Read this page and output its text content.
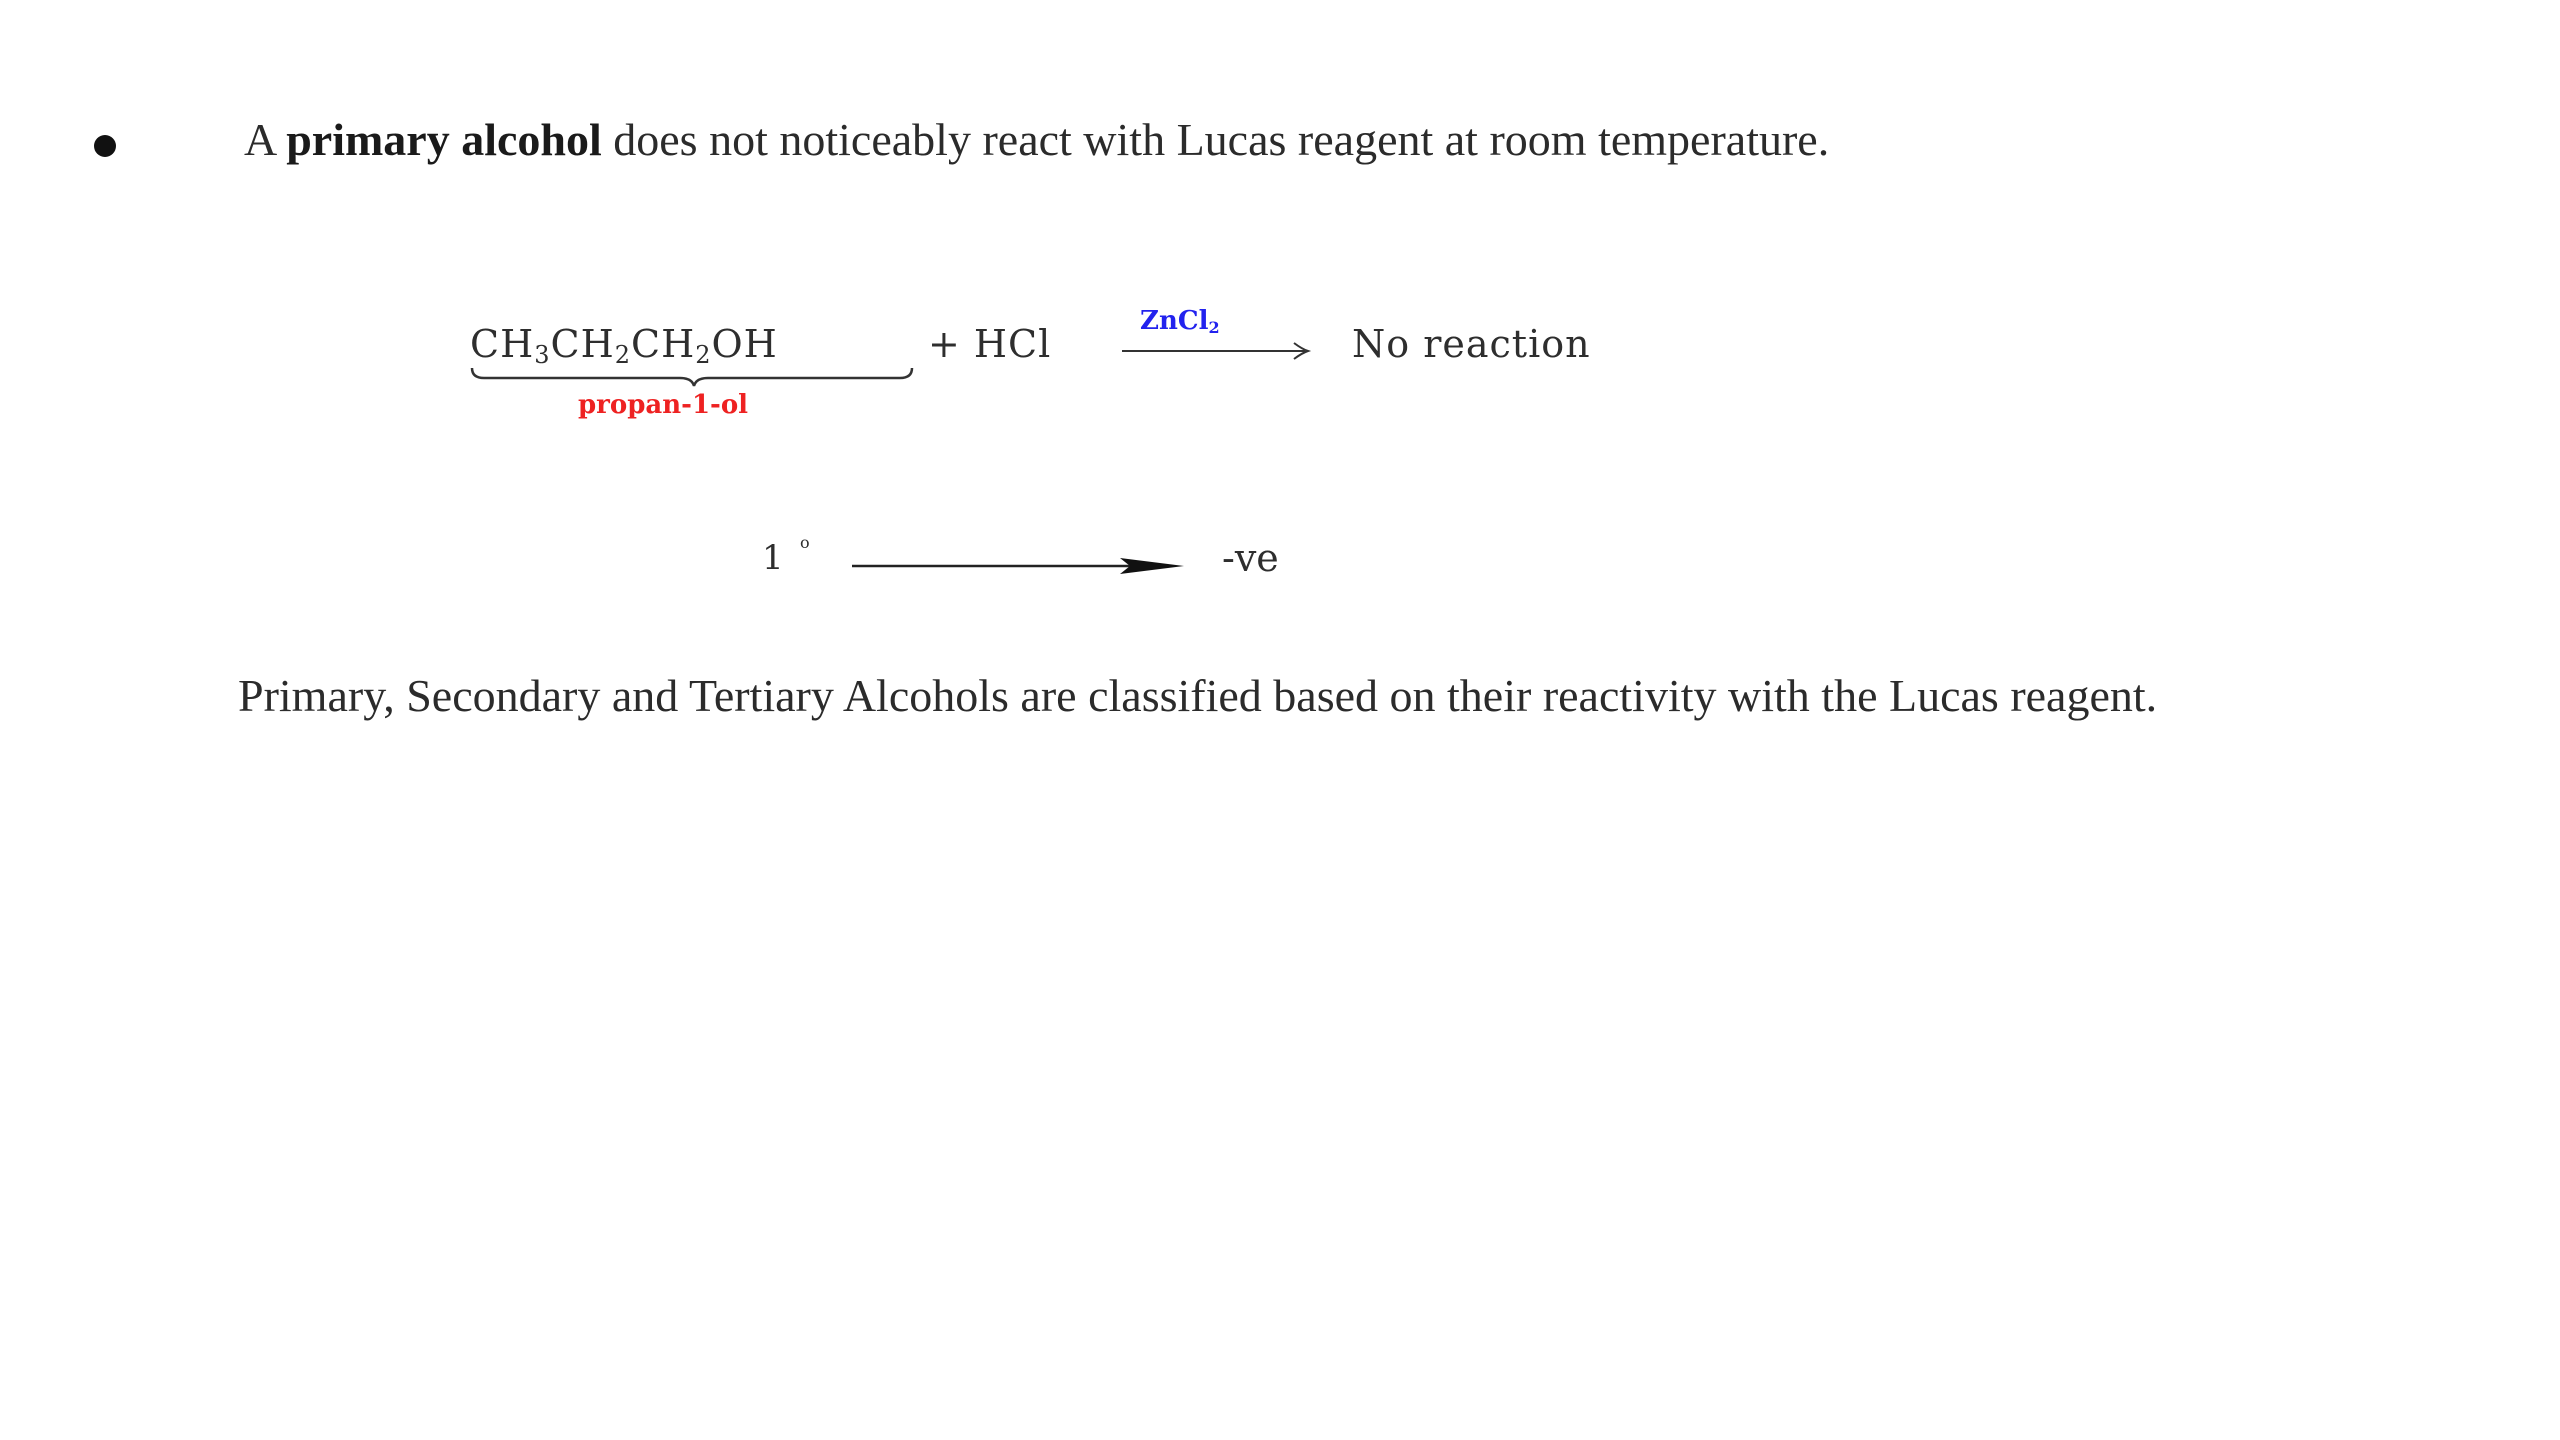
A primary alcohol does not noticeably react with Lucas reagent at room temperature.
$CH_3CH_2CH_2OH$	+ HCl
ZnCl$_2$	No reaction
propan-1-ol
1 o	-ve
Primary, Secondary and Tertiary Alcohols are classified based on their reactivity with the Lucas reagent.
